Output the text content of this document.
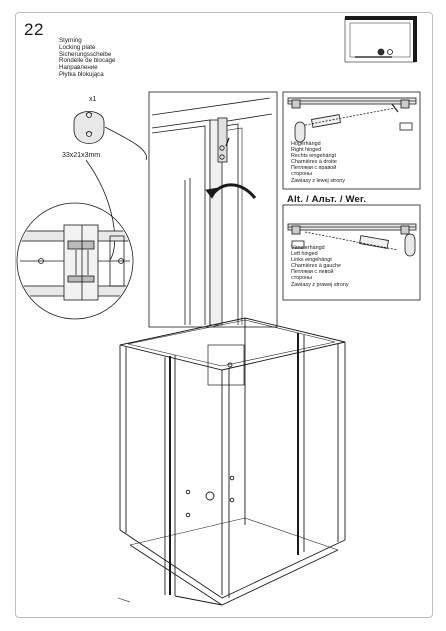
22
Styrning
Locking plate
Sicherungsscheibe
Rondelle de blocage
Направление
Płytka blokująca
x1
33x21x3mm
Alt. / Альт. / Wer.
Högerhängd
Right hinged
Rechts eingehängt
Charnières à droite
Петлями с правой
стороны
Zawiasy z lewej strony
Vänsterhängd
Left hinged
Links eingehängt
Charnières à gauche
Петлями с левой
стороны
Zawiasy z prawej strony
